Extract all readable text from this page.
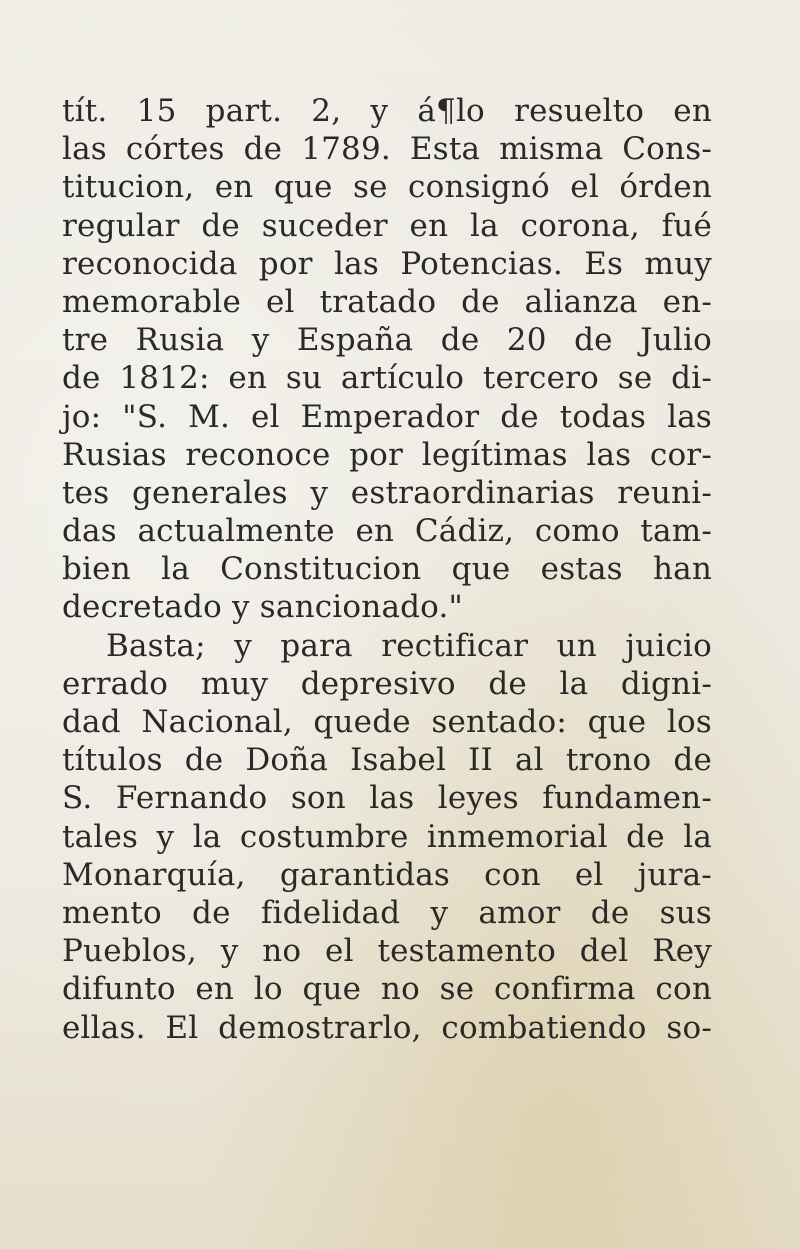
tít. 15 part. 2, y á¶lo resuelto en
las córtes de 1789. Esta misma Cons-
titucion, en que se consignó el órden
regular de suceder en la corona, fué
reconocida por las Potencias. Es muy
memorable el tratado de alianza en-
tre Rusia y España de 20 de Julio
de 1812: en su artículo tercero se di-
jo: "S. M. el Emperador de todas las
Rusias reconoce por legítimas las cor-
tes generales y estraordinarias reuni-
das actualmente en Cádiz, como tam-
bien la Constitucion que estas han
decretado y sancionado."
Basta; y para rectificar un juicio
errado muy depresivo de la digni-
dad Nacional, quede sentado: que los
títulos de Doña Isabel II al trono de
S. Fernando son las leyes fundamen-
tales y la costumbre inmemorial de la
Monarquía, garantidas con el jura-
mento de fidelidad y amor de sus
Pueblos, y no el testamento del Rey
difunto en lo que no se confirma con
ellas. El demostrarlo, combatiendo so-
